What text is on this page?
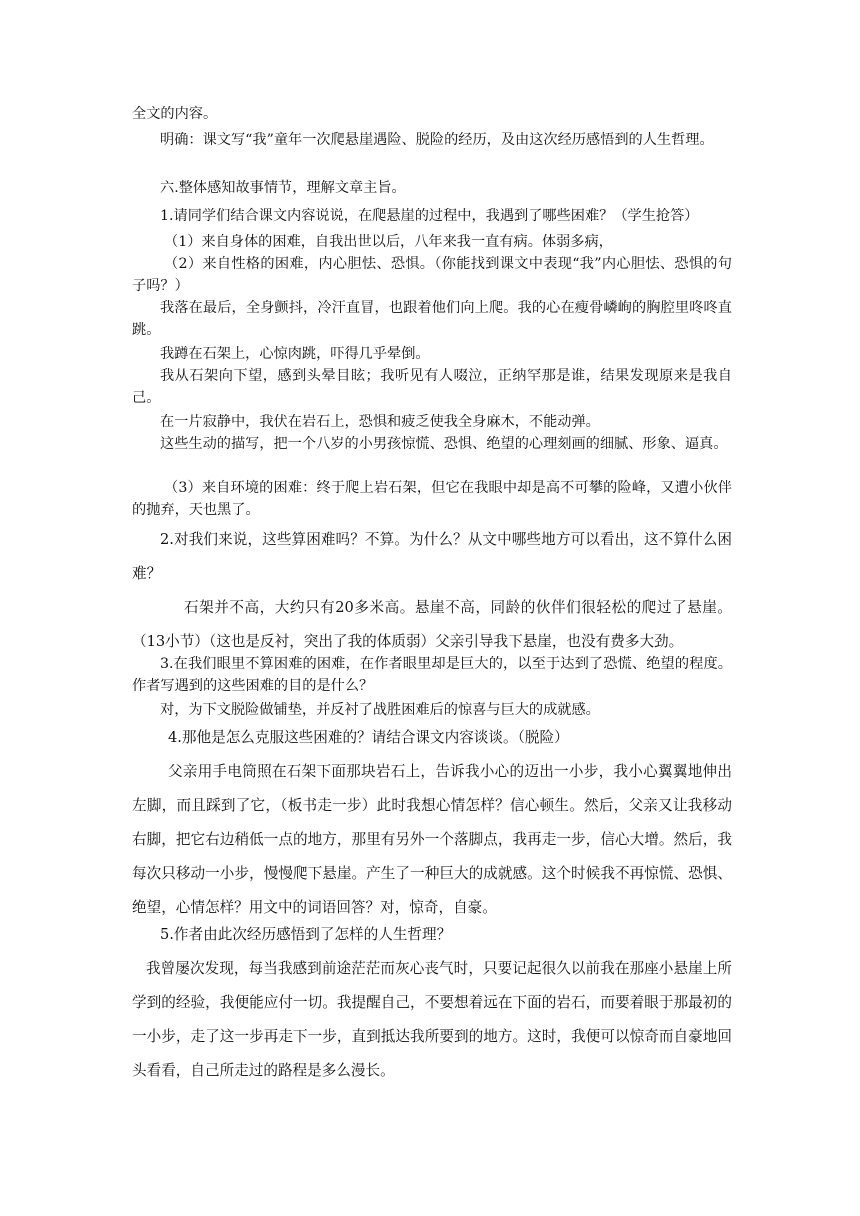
全文的内容。

明确：课文写“我”童年一次爬悬崖遇险、脱险的经历，及由这次经历感悟到的人生哲理。

六.整体感知故事情节，理解文章主旨。

1.请同学们结合课文内容说说，在爬悬崖的过程中，我遇到了哪些困难？（学生抢答）

（1）来自身体的困难，自我出世以后，八年来我一直有病。体弱多病，

（2）来自性格的困难，内心胆怯、恐惧。（你能找到课文中表现“我”内心胆怯、恐惧的句子吗？）

我落在最后，全身颤抖，冷汗直冒，也跟着他们向上爬。我的心在瘦骨嶙峋的胸腔里咚咚直跳。

我蹲在石架上，心惊肉跳，吓得几乎晕倒。

我从石架向下望，感到头晕目眩；我听见有人啜泣，正纳罕那是谁，结果发现原来是我自己。

在一片寂静中，我伏在岩石上，恐惧和疲乏使我全身麻木，不能动弹。

这些生动的描写，把一个八岁的小男孩惊慌、恐惧、绝望的心理刻画的细腻、形象、逼真。

（3）来自环境的困难：终于爬上岩石架，但它在我眼中却是高不可攀的险峰，又遭小伙伴的抛弃，天也黑了。

2.对我们来说，这些算困难吗？不算。为什么？从文中哪些地方可以看出，这不算什么困难？

石架并不高，大约只有20多米高。悬崖不高，同龄的伙伴们很轻松的爬过了悬崖。（13小节）（这也是反衬，突出了我的体质弱）父亲引导我下悬崖，也没有费多大劲。

3.在我们眼里不算困难的困难，在作者眼里却是巨大的，以至于达到了恐慌、绝望的程度。作者写遇到的这些困难的目的是什么？

对，为下文脱险做铺垫，并反衬了战胜困难后的惊喜与巨大的成就感。

4.那他是怎么克服这些困难的？请结合课文内容谈谈。（脱险）

父亲用手电筒照在石架下面那块岩石上，告诉我小心的迈出一小步，我小心翼翼地伸出左脚，而且踩到了它，（板书走一步）此时我想心情怎样？信心顿生。然后，父亲又让我移动右脚，把它右边稍低一点的地方，那里有另外一个落脚点，我再走一步，信心大增。然后，我每次只移动一小步，慢慢爬下悬崖。产生了一种巨大的成就感。这个时候我不再惊慌、恐惧、绝望，心情怎样？用文中的词语回答？对，惊奇，自豪。

5.作者由此次经历感悟到了怎样的人生哲理？

我曾屡次发现，每当我感到前途茫茫而灰心丧气时，只要记起很久以前我在那座小悬崖上所学到的经验，我便能应付一切。我提醒自己，不要想着远在下面的岩石，而要着眼于那最初的一小步，走了这一步再走下一步，直到抵达我所要到的地方。这时，我便可以惊奇而自豪地回头看看，自己所走过的路程是多么漫长。
